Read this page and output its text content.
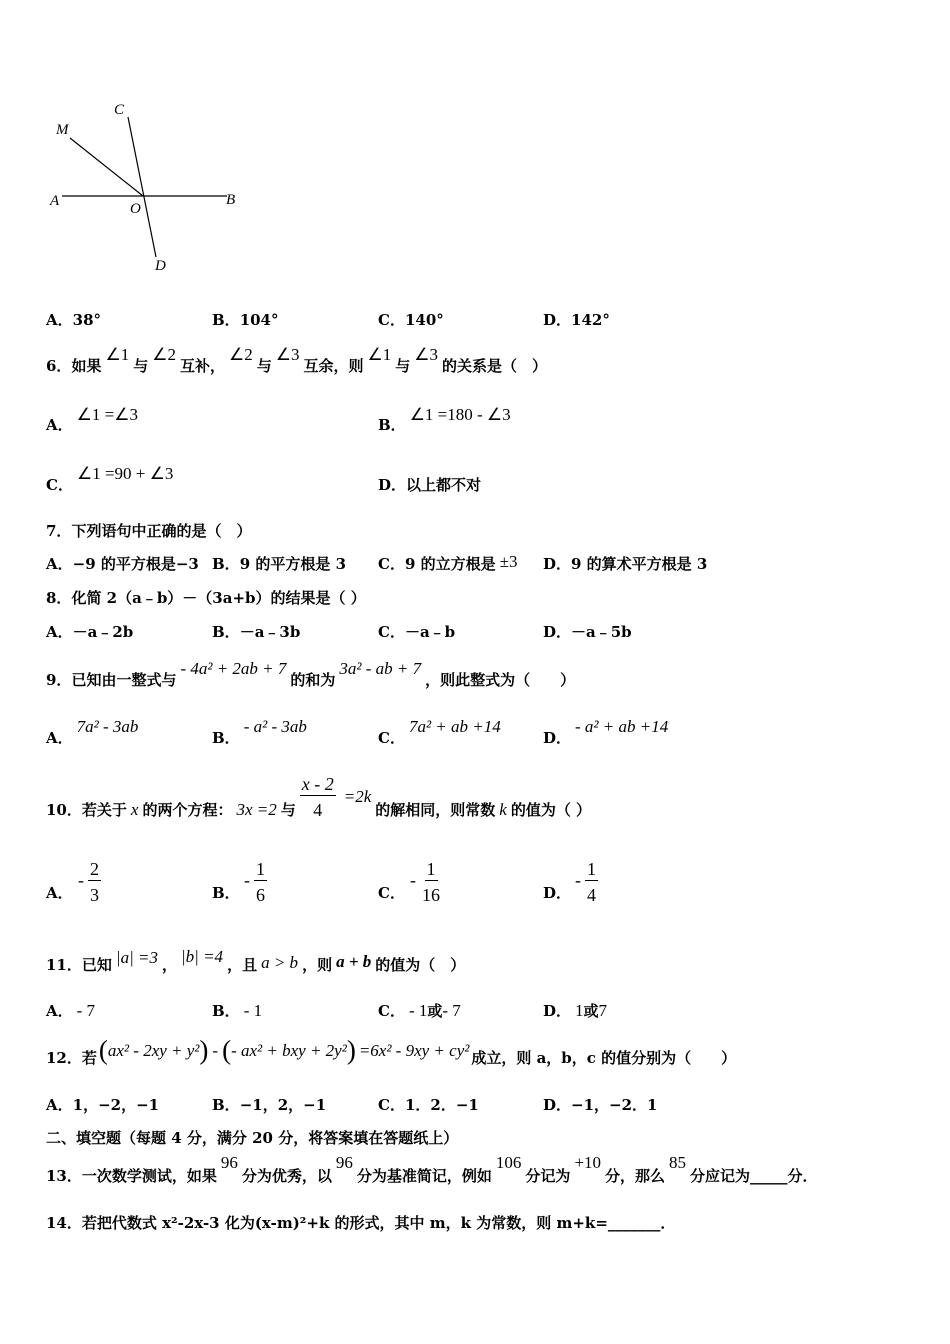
C
M
A	O
B
D
A．38°	B．104°	C．140°	D．142°
6．如果∠1与∠2互补，∠2与∠3互余，则∠1与∠3的关系是（　）
A．∠1 =∠3
B．∠1 =180 - ∠3
C．∠1 =90 + ∠3
D．以上都不对
7．下列语句中正确的是（　）
A．−9 的平方根是−3 B．9 的平方根是 3 C．9 的立方根是 ±3 D．9 的算术平方根是 3
8．化简 2（a﹣b）－（3a+b）的结果是（ ）
A．－a﹣2b	B．－a﹣3b	C．－a﹣b	D．－a﹣5b
9．已知由一整式与- 4a² + 2ab + 7的和为3a² - ab + 7，则此整式为（　　）
A．7a² - 3ab
B．- a² - 3ab
C．7a² + ab +14
D．- a² + ab +14
10．若关于 x 的两个方程： 3x =2 与 $\frac{x - 2}{4} =2k$的解相同，则常数 k 的值为（ ）
A．
- $\frac{2}{3}$	B．
- $\frac{1}{6}$	C．
- $\frac{1}{16}$	D．
- $\frac{1}{4}$
11．已知 |a| =3 ， |b| =4 ，且 a > b ，则 a + b 的值为（　）
A． - 7	B． - 1	C． - 1或- 7	D． 1或7
12．若(ax² - 2xy + y²) - (- ax² + bxy + 2y²) =6x² - 9xy + cy² 成立，则 a，b，c 的值分别为（　　）
A．1，−2，−1	B．−1，2，−1	C．1．2．−1	D．−1，−2．1
二、填空题（每题 4 分，满分 20 分，将答案填在答题纸上）
13．一次数学测试，如果96分为优秀，以96分为基准简记，例如106分记为+10分，那么85分应记为_____分．
14．若把代数式 x²-2x-3 化为(x-m)²+k 的形式，其中 m，k 为常数，则 m+k=_______．
